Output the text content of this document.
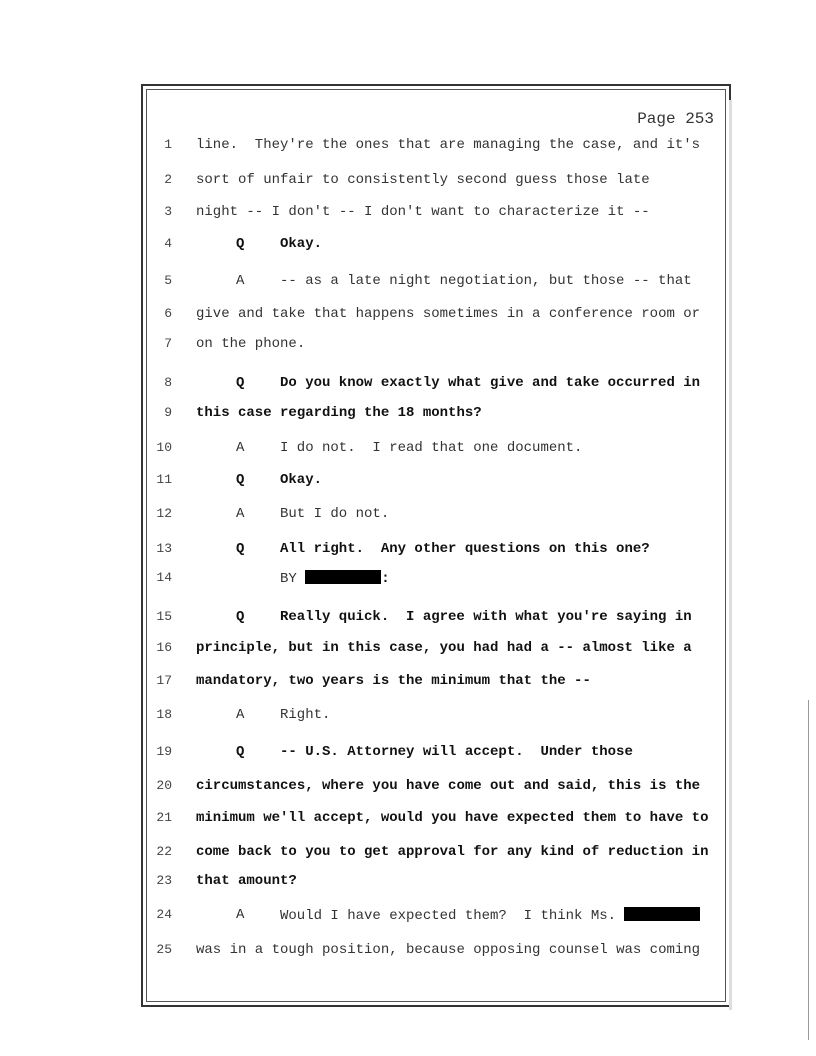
Page 253
1 line.  They're the ones that are managing the case, and it's
2 sort of unfair to consistently second guess those late
3 night -- I don't -- I don't want to characterize it --
4	Q	Okay.
5	A	-- as a late night negotiation, but those -- that
6 give and take that happens sometimes in a conference room or
7 on the phone.
8	Q	Do you know exactly what give and take occurred in
9 this case regarding the 18 months?
10	A	I do not.  I read that one document.
11	Q	Okay.
12	A	But I do not.
13	Q	All right.  Any other questions on this one?
14	BY	:
15	Q	Really quick.  I agree with what you're saying in
16 principle, but in this case, you had had a -- almost like a
17 mandatory, two years is the minimum that the --
18	A	Right.
19	Q	-- U.S. Attorney will accept.  Under those
20 circumstances, where you have come out and said, this is the
21 minimum we'll accept, would you have expected them to have to
22 come back to you to get approval for any kind of reduction in
23 that amount?
24	A	Would I have expected them?  I think Ms.
25 was in a tough position, because opposing counsel was coming
